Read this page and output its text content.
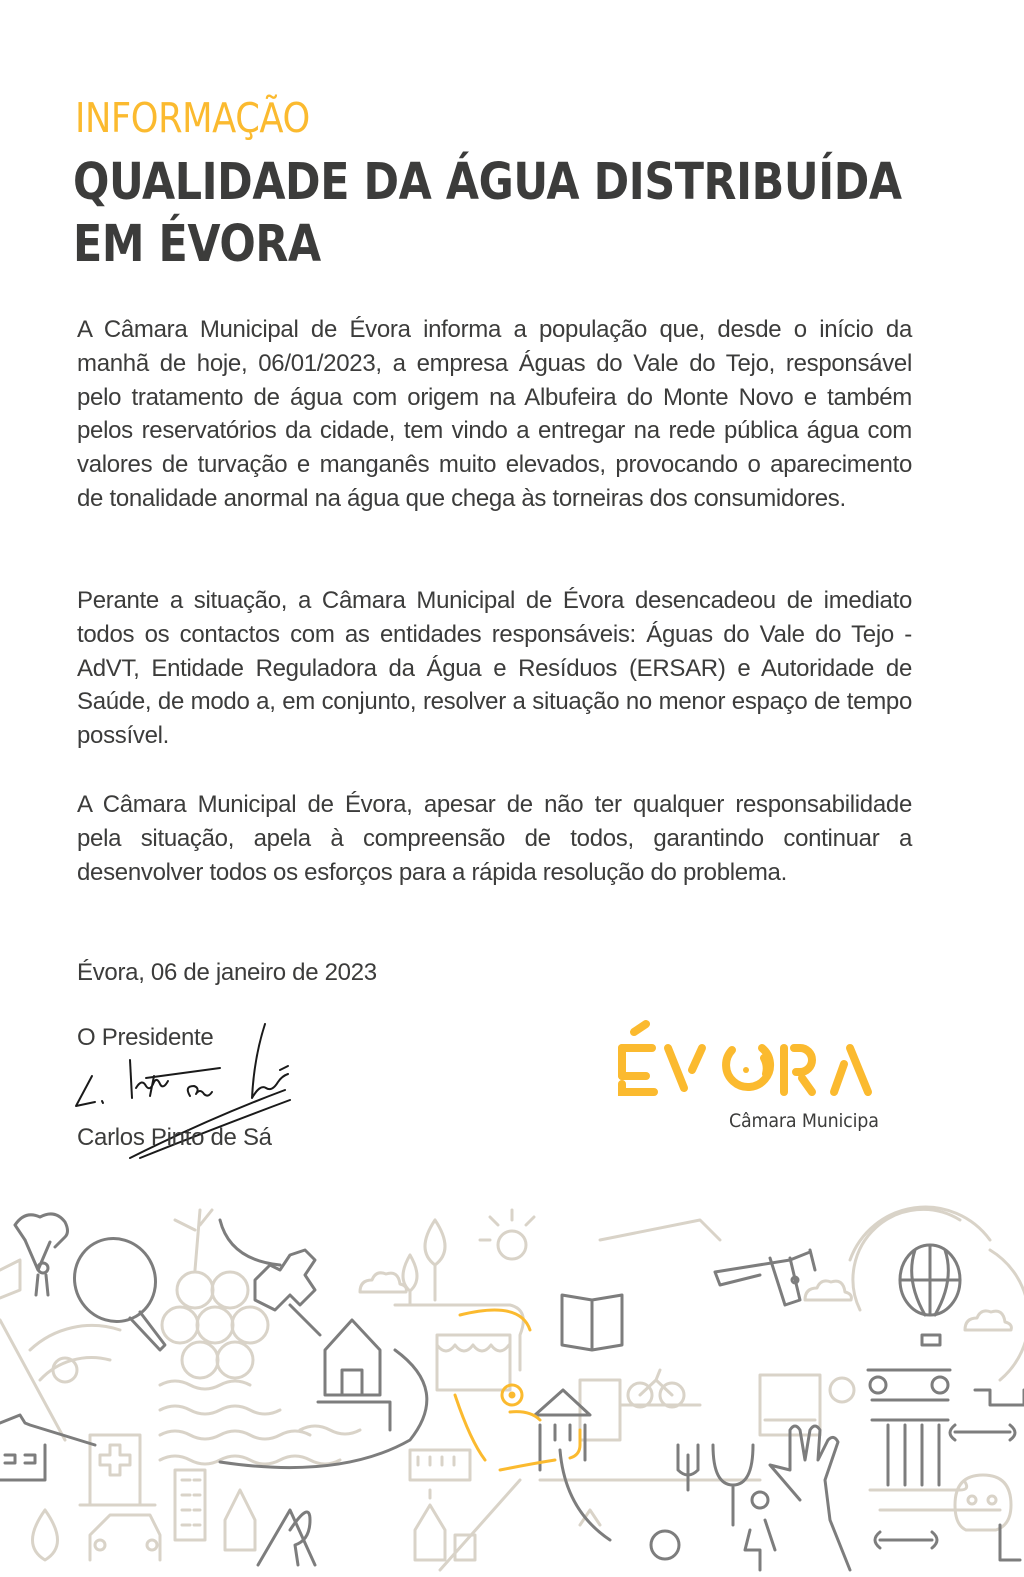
INFORMAÇÃO
QUALIDADE DA ÁGUA DISTRIBUÍDA
EM ÉVORA

A Câmara Municipal de Évora informa a população que, desde o início da manhã de hoje, 06/01/2023, a empresa Águas do Vale do Tejo, responsável pelo tratamento de água com origem na Albufeira do Monte Novo e também pelos reservatórios da cidade, tem vindo a entregar na rede pública água com valores de turvação e manganês muito elevados, provocando o aparecimento de tonalidade anormal na água que chega às torneiras dos consumidores.

Perante a situação, a Câmara Municipal de Évora desencadeou de imediato todos os contactos com as entidades responsáveis: Águas do Vale do Tejo - AdVT, Entidade Reguladora da Água e Resíduos (ERSAR) e Autoridade de Saúde, de modo a, em conjunto, resolver a situação no menor espaço de tempo possível.

A Câmara Municipal de Évora, apesar de não ter qualquer responsabilidade pela situação, apela à compreensão de todos, garantindo continuar a desenvolver todos os esforços para a rápida resolução do problema.

Évora, 06 de janeiro de 2023
O Presidente
Carlos Pinto de Sá
Câmara Municipa
